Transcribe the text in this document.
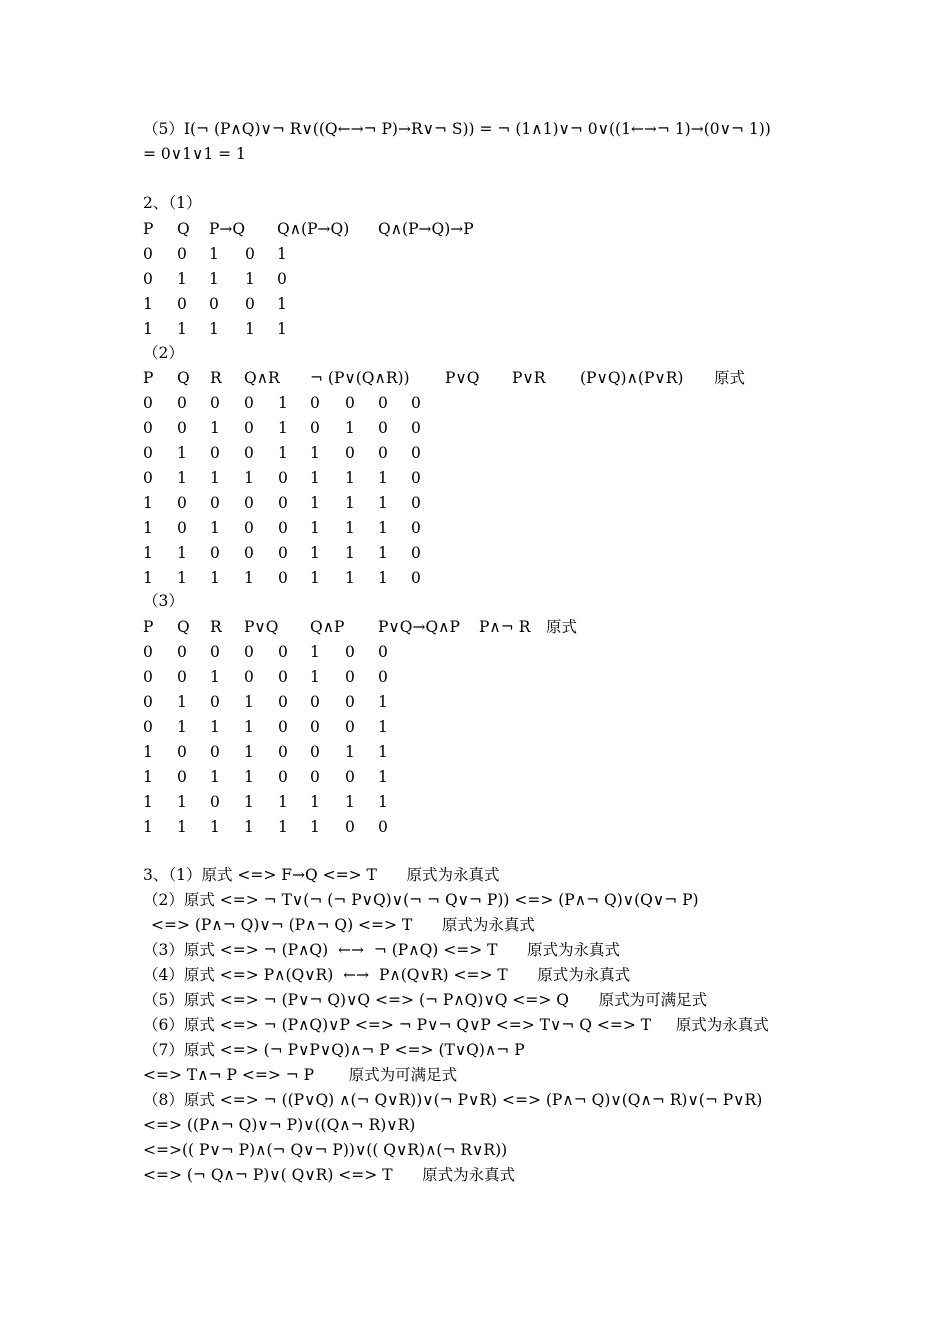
（5）I(¬ (P∧Q)∨¬ R∨((Q←→¬ P)→R∨¬ S)) = ¬ (1∧1)∨¬ 0∨((1←→¬ 1)→(0∨¬ 1))
= 0∨1∨1 = 1
2、（1）
P Q P→Q Q∧(P→Q) Q∧(P→Q)→P
0 0 1 0 1
0 1 1 1 0
1 0 0 0 1
1 1 1 1 1
（2）
P Q R Q∧R ¬ (P∨(Q∧R)) P∨Q P∨R (P∨Q)∧(P∨R) 原式
0 0 0 0 1 0 0 0 0
0 0 1 0 1 0 1 0 0
0 1 0 0 1 1 0 0 0
0 1 1 1 0 1 1 1 0
1 0 0 0 0 1 1 1 0
1 0 1 0 0 1 1 1 0
1 1 0 0 0 1 1 1 0
1 1 1 1 0 1 1 1 0
（3）
P Q R P∨Q Q∧P P∨Q→Q∧P P∧¬ R 原式
0 0 0 0 0 1 0 0
0 0 1 0 0 1 0 0
0 1 0 1 0 0 0 1
0 1 1 1 0 0 0 1
1 0 0 1 0 0 1 1
1 0 1 1 0 0 0 1
1 1 0 1 1 1 1 1
1 1 1 1 1 1 0 0
3、（1）原式 <=> F→Q <=> T      原式为永真式
（2）原式 <=> ¬ T∨(¬ (¬ P∨Q)∨(¬ ¬ Q∨¬ P)) <=> (P∧¬ Q)∨(Q∨¬ P)
<=> (P∧¬ Q)∨¬ (P∧¬ Q) <=> T      原式为永真式
（3）原式 <=> ¬ (P∧Q)  ←→  ¬ (P∧Q) <=> T      原式为永真式
（4）原式 <=> P∧(Q∨R)  ←→  P∧(Q∨R) <=> T      原式为永真式
（5）原式 <=> ¬ (P∨¬ Q)∨Q <=> (¬ P∧Q)∨Q <=> Q      原式为可满足式
（6）原式 <=> ¬ (P∧Q)∨P <=> ¬ P∨¬ Q∨P <=> T∨¬ Q <=> T     原式为永真式
（7）原式 <=> (¬ P∨P∨Q)∧¬ P <=> (T∨Q)∧¬ P
<=> T∧¬ P <=> ¬ P       原式为可满足式
（8）原式 <=> ¬ ((P∨Q) ∧(¬ Q∨R))∨(¬ P∨R) <=> (P∧¬ Q)∨(Q∧¬ R)∨(¬ P∨R)
<=> ((P∧¬ Q)∨¬ P)∨((Q∧¬ R)∨R)
<=>(( P∨¬ P)∧(¬ Q∨¬ P))∨(( Q∨R)∧(¬ R∨R))
<=> (¬ Q∧¬ P)∨( Q∨R) <=> T      原式为永真式
